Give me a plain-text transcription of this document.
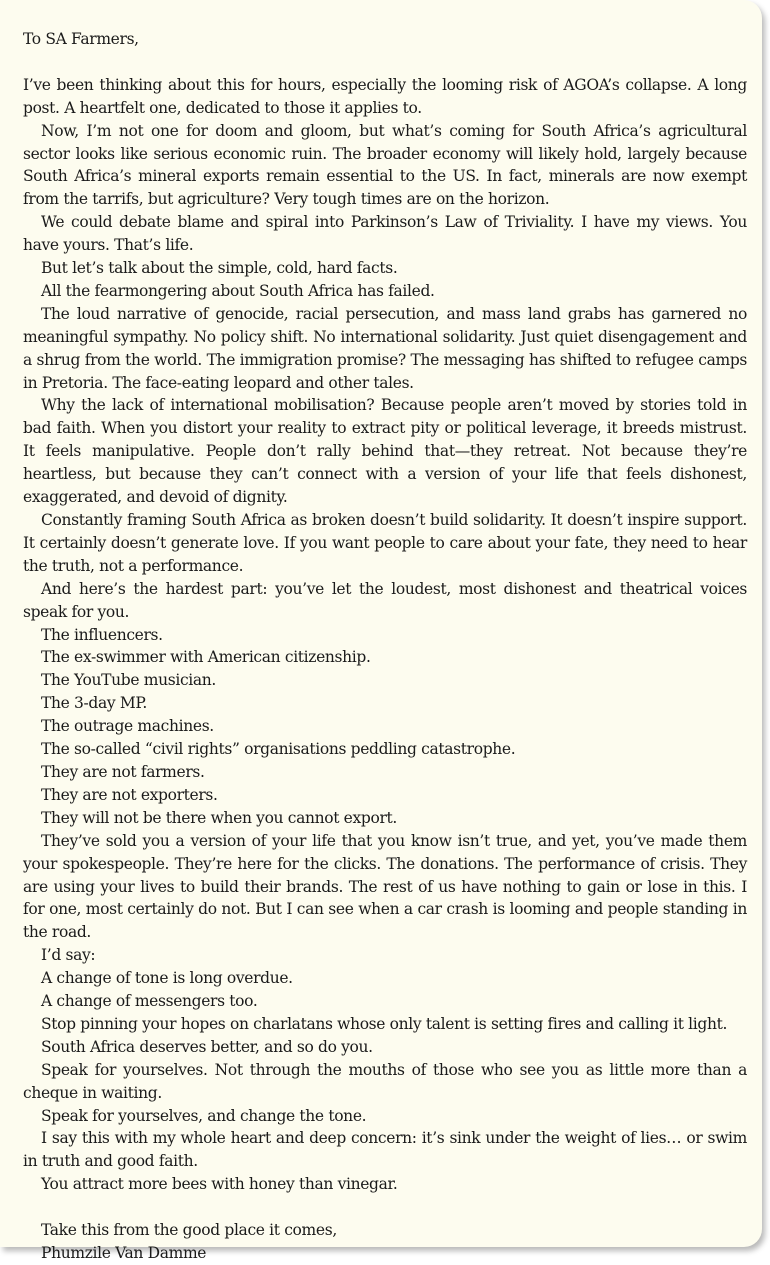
To SA Farmers,

I’ve been thinking about this for hours, especially the looming risk of AGOA’s collapse. A long post. A heartfelt one, dedicated to those it applies to.

Now, I’m not one for doom and gloom, but what’s coming for South Africa’s agricultural sector looks like serious economic ruin. The broader economy will likely hold, largely because South Africa’s mineral exports remain essential to the US. In fact, minerals are now exempt from the tarrifs, but agriculture? Very tough times are on the horizon.

We could debate blame and spiral into Parkinson’s Law of Triviality. I have my views. You have yours. That’s life.

But let’s talk about the simple, cold, hard facts.

All the fearmongering about South Africa has failed.

The loud narrative of genocide, racial persecution, and mass land grabs has garnered no meaningful sympathy. No policy shift. No international solidarity. Just quiet disengagement and a shrug from the world. The immigration promise? The messaging has shifted to refugee camps in Pretoria. The face-eating leopard and other tales.

Why the lack of international mobilisation? Because people aren’t moved by stories told in bad faith. When you distort your reality to extract pity or political leverage, it breeds mistrust. It feels manipulative. People don’t rally behind that—they retreat. Not because they’re heartless, but because they can’t connect with a version of your life that feels dishonest, exaggerated, and devoid of dignity.

Constantly framing South Africa as broken doesn’t build solidarity. It doesn’t inspire support. It certainly doesn’t generate love. If you want people to care about your fate, they need to hear the truth, not a performance.

And here’s the hardest part: you’ve let the loudest, most dishonest and theatrical voices speak for you.

The influencers.

The ex-swimmer with American citizenship.

The YouTube musician.

The 3-day MP.

The outrage machines.

The so-called “civil rights” organisations peddling catastrophe.

They are not farmers.

They are not exporters.

They will not be there when you cannot export.

They’ve sold you a version of your life that you know isn’t true, and yet, you’ve made them your spokespeople. They’re here for the clicks. The donations. The performance of crisis. They are using your lives to build their brands. The rest of us have nothing to gain or lose in this. I for one, most certainly do not. But I can see when a car crash is looming and people standing in the road.

I’d say:

A change of tone is long overdue.

A change of messengers too.

Stop pinning your hopes on charlatans whose only talent is setting fires and calling it light.

South Africa deserves better, and so do you.

Speak for yourselves. Not through the mouths of those who see you as little more than a cheque in waiting.

Speak for yourselves, and change the tone.

I say this with my whole heart and deep concern: it’s sink under the weight of lies… or swim in truth and good faith.

You attract more bees with honey than vinegar.

Take this from the good place it comes,

Phumzile Van Damme
